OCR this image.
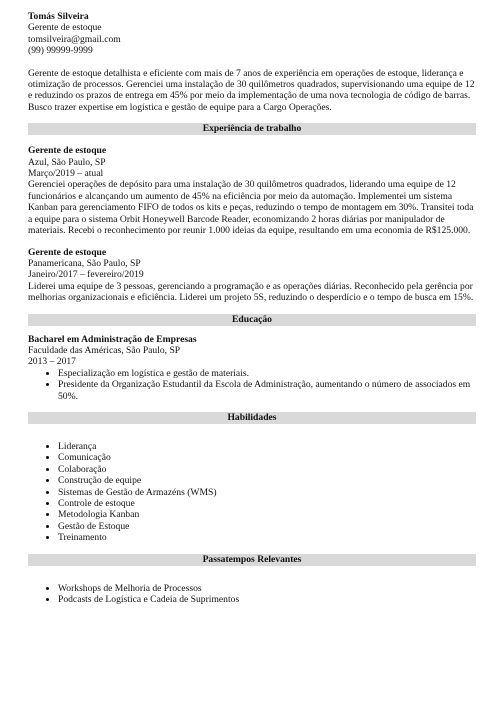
Tomás Silveira
Gerente de estoque
tomsilveira@gmail.com
(99) 99999-9999
Gerente de estoque detalhista e eficiente com mais de 7 anos de experiência em operações de estoque, liderança e otimização de processos. Gerenciei uma instalação de 30 quilômetros quadrados, supervisionando uma equipe de 12 e reduzindo os prazos de entrega em 45% por meio da implementação de uma nova tecnologia de código de barras. Busco trazer expertise em logística e gestão de equipe para a Cargo Operações.
Experiência de trabalho
Gerente de estoque
Azul, São Paulo, SP
Março/2019 – atual
Gerenciei operações de depósito para uma instalação de 30 quilômetros quadrados, liderando uma equipe de 12 funcionários e alcançando um aumento de 45% na eficiência por meio da automação. Implementei um sistema Kanban para gerenciamento FIFO de todos os kits e peças, reduzindo o tempo de montagem em 30%. Transitei toda a equipe para o sistema Orbit Honeywell Barcode Reader, economizando 2 horas diárias por manipulador de materiais. Recebi o reconhecimento por reunir 1.000 ideias da equipe, resultando em uma economia de R$125.000.
Gerente de estoque
Panamericana, São Paulo, SP
Janeiro/2017 – fevereiro/2019
Liderei uma equipe de 3 pessoas, gerenciando a programação e as operações diárias. Reconhecido pela gerência por melhorias organizacionais e eficiência. Liderei um projeto 5S, reduzindo o desperdício e o tempo de busca em 15%.
Educação
Bacharel em Administração de Empresas
Faculdade das Américas, São Paulo, SP
2013 – 2017
• Especialização em logística e gestão de materiais.
• Presidente da Organização Estudantil da Escola de Administração, aumentando o número de associados em 50%.
Habilidades
• Liderança
• Comunicação
• Colaboração
• Construção de equipe
• Sistemas de Gestão de Armazéns (WMS)
• Controle de estoque
• Metodologia Kanban
• Gestão de Estoque
• Treinamento
Passatempos Relevantes
• Workshops de Melhoria de Processos
• Podcasts de Logística e Cadeia de Suprimentos
